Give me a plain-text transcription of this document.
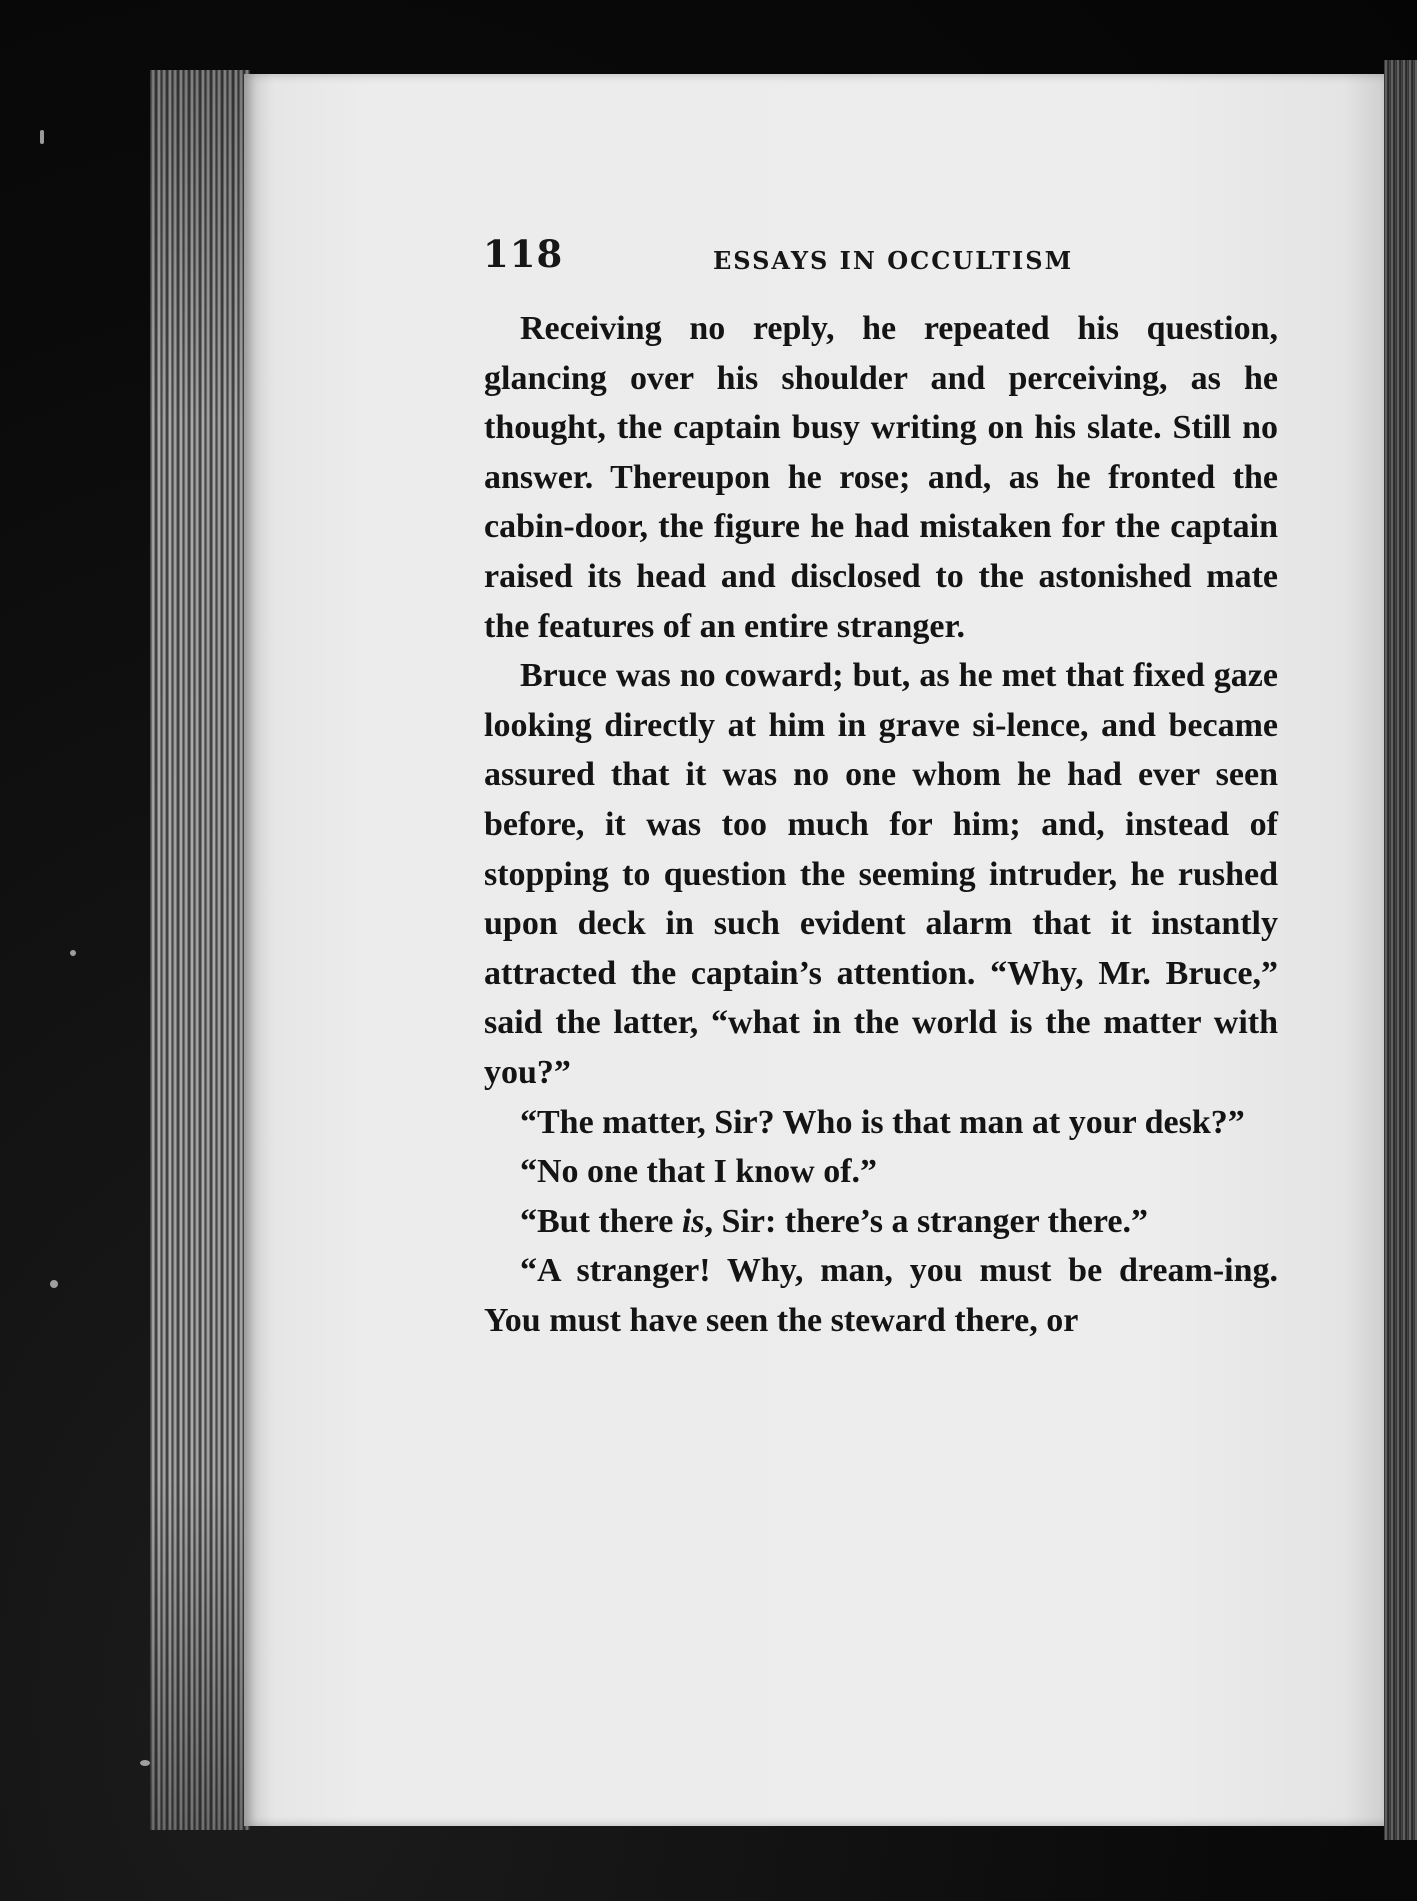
118	ESSAYS IN OCCULTISM

Receiving no reply, he repeated his question, glancing over his shoulder and perceiving, as he thought, the captain busy writing on his slate. Still no answer. Thereupon he rose; and, as he fronted the cabin-door, the figure he had mistaken for the captain raised its head and disclosed to the astonished mate the features of an entire stranger.

Bruce was no coward; but, as he met that fixed gaze looking directly at him in grave si-lence, and became assured that it was no one whom he had ever seen before, it was too much for him; and, instead of stopping to question the seeming intruder, he rushed upon deck in such evident alarm that it instantly attracted the captain’s attention. “Why, Mr. Bruce,” said the latter, “what in the world is the matter with you?”

“The matter, Sir? Who is that man at your desk?”

“No one that I know of.”

“But there is, Sir: there’s a stranger there.”

“A stranger! Why, man, you must be dream-ing. You must have seen the steward there, or
